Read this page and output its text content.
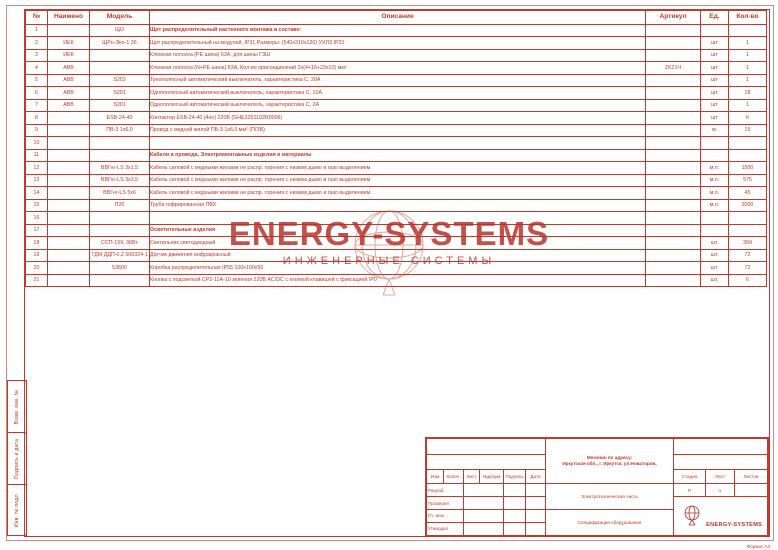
Взам. инв. №
Подпись и дата
Инв. № подл.
№	Наимено	Модель	Описание	Артикул	Ед.	Кол-во
1		ЩО	Щит распределительный настенного монтажа в составе:			
2	ИЕК	ЩРн-Эко-1 36	Щит распределительный на модулей, IP31 Размеры: (540x310x120) УХЛЗ IP31		шт	1
3	ИЕК		Клемная полоска (PE шина) 63А, для шины ГЗШ		шт	1
4	ABB		Клемная полоска (N+PE шина) 63А, Кол-во присоединений 2х(4+16+23х10) мм²	ZK21Ч	шт	1
5	ABB	S203	Трехполюсный автоматический выключатель, характеристика С, 20А		шт	1
6	ABB	S201	Однополюсный автоматический выключатель, характеристика С, 10А		шт	18
7	ABB	S201	Однополюсный автоматический выключатель, характеристика С, 2А		шт	1
8		ESB-24-40	Контактор ESB-24-40 (4но) 220В (GHE3291102R0006)		шт	6
9		ПВ-3 1х6,0	Провод с медной жилой ПВ-3 1х6,0 мм² (П/ЗВ)		м.	15
10						
11			Кабели и провода, Электромонтажные изделия и материалы			
12		ВВГнг-LS 3х1,5	Кабель силовой с медными жилами не распр. горения с низким дымо и газо выделением		м.п.	1500
13		ВВГнг-LS 3х2,5	Кабель силовой с медными жилами не распр. горения с низким дымо и газо выделением		м.п.	575
14		ВВГнг-LS 5х6	Кабель силовой с медными жилами не распр. горения с низким дымо и газо выделением		м.п.	45
15		П20	Труба гофрированная ПВХ		м.п.	2000
16						
17			Осветительные изделия			
18		ССП-159, 36Вт	Светильник светодиодный		шт.	360
19		ТДМ ДДП-0,2 500324-1	Датчик движения инфракрасный		шт.	72
20		53600	Коробка распределительная IP55 100х100х50		шт.	72
21			Кнопка с подсветкой CP2-11A-10 зеленая 220В AC/DC с кнопкой клавишей с фиксацией IP0		шт.	6
ENERGY-SYSTEMS
ИНЖЕНЕРНЫЕ СИСТЕМЫ

						Мезонин по адресу:
Иркутская обл., г. Иркутск, ул.Новаторов,			

Изм	Колич.	Лист	№докум	Подпись	Дата		Стадия	Лист	Листов
Разраб.						Электротехническая часть	Р	1	
Проверил							ENERGY-SYSTEMS		
Гл. инж.						Спецификация оборудования			
Утвердил									
Формат A3
